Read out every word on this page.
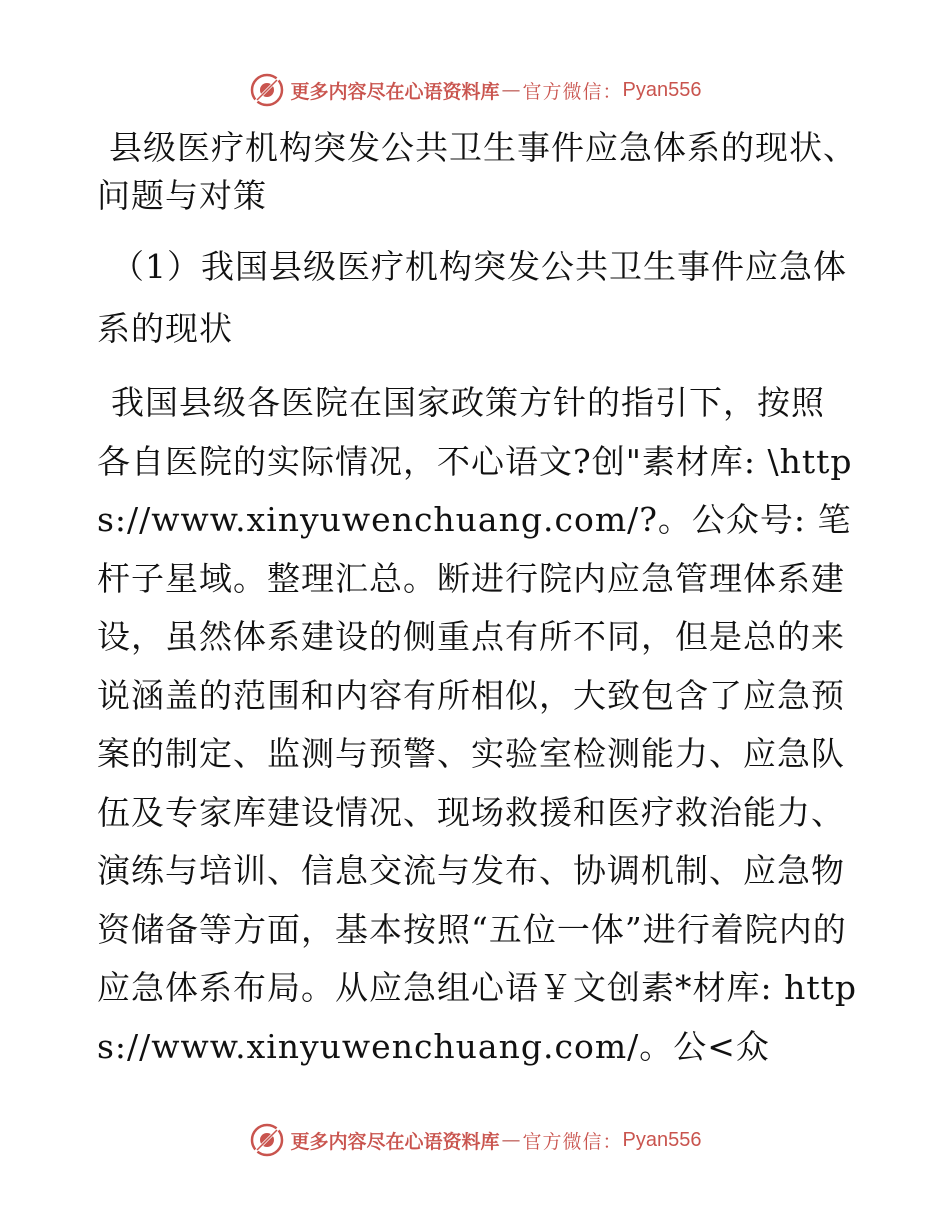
更多内容尽在心语资料库 — 官方微信： Pyan556
县级医疗机构突发公共卫生事件应急体系的现状、问题与对策
（1）我国县级医疗机构突发公共卫生事件应急体系的现状

我国县级各医院在国家政策方针的指引下，按照各自医院的实际情况，不心语文?创"素材库: \https://www.xinyuwenchuang.com/?。公众号: 笔杆子星域。整理汇总。断进行院内应急管理体系建设，虽然体系建设的侧重点有所不同，但是总的来说涵盖的范围和内容有所相似，大致包含了应急预案的制定、监测与预警、实验室检测能力、应急队伍及专家库建设情况、现场救援和医疗救治能力、演练与培训、信息交流与发布、协调机制、应急物资储备等方面，基本按照“五位一体”进行着院内的应急体系布局。从应急组心语￥文创素*材库: https://www.xinyuwenchuang.com/。公<众

更多内容尽在心语资料库 — 官方微信： Pyan556
